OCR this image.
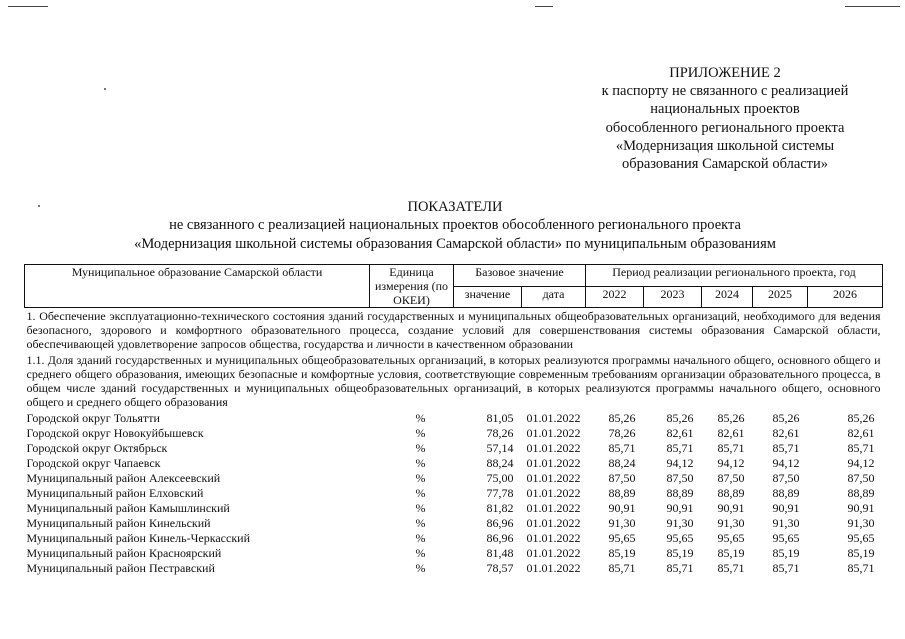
ПРИЛОЖЕНИЕ 2
к паспорту не связанного с реализацией
национальных проектов
обособленного регионального проекта
«Модернизация школьной системы
образования Самарской области»
ПОКАЗАТЕЛИ
не связанного с реализацией национальных проектов обособленного регионального проекта
«Модернизация школьной системы образования Самарской области» по муниципальным образованиям
Муниципальное образование Самарской области	Единица измерения (по ОКЕИ)	Базовое значение		Период реализации регионального проекта, год				
		значение	дата	2022	2023	2024	2025	2026
1. Обеспечение эксплуатационно-технического состояния зданий государственных и муниципальных общеобразовательных организаций, необходимого для ведения безопасного, здорового и комфортного образовательного процесса, создание условий для совершенствования системы образования Самарской области, обеспечивающей удовлетворение запросов общества, государства и личности в качественном образовании								
1.1. Доля зданий государственных и муниципальных общеобразовательных организаций, в которых реализуются программы начального общего, основного общего и среднего общего образования, имеющих безопасные и комфортные условия, соответствующие современным требованиям организации образовательного процесса, в общем числе зданий государственных и муниципальных общеобразовательных организаций, в которых реализуются программы начального общего, основного общего и среднего общего образования								
Городской округ Тольятти	%	81,05	01.01.2022	85,26	85,26	85,26	85,26	85,26
Городской округ Новокуйбышевск	%	78,26	01.01.2022	78,26	82,61	82,61	82,61	82,61
Городской округ Октябрьск	%	57,14	01.01.2022	85,71	85,71	85,71	85,71	85,71
Городской округ Чапаевск	%	88,24	01.01.2022	88,24	94,12	94,12	94,12	94,12
Муниципальный район Алексеевский	%	75,00	01.01.2022	87,50	87,50	87,50	87,50	87,50
Муниципальный район Елховский	%	77,78	01.01.2022	88,89	88,89	88,89	88,89	88,89
Муниципальный район Камышлинский	%	81,82	01.01.2022	90,91	90,91	90,91	90,91	90,91
Муниципальный район Кинельский	%	86,96	01.01.2022	91,30	91,30	91,30	91,30	91,30
Муниципальный район Кинель-Черкасский	%	86,96	01.01.2022	95,65	95,65	95,65	95,65	95,65
Муниципальный район Красноярский	%	81,48	01.01.2022	85,19	85,19	85,19	85,19	85,19
Муниципальный район Пестравский	%	78,57	01.01.2022	85,71	85,71	85,71	85,71	85,71
